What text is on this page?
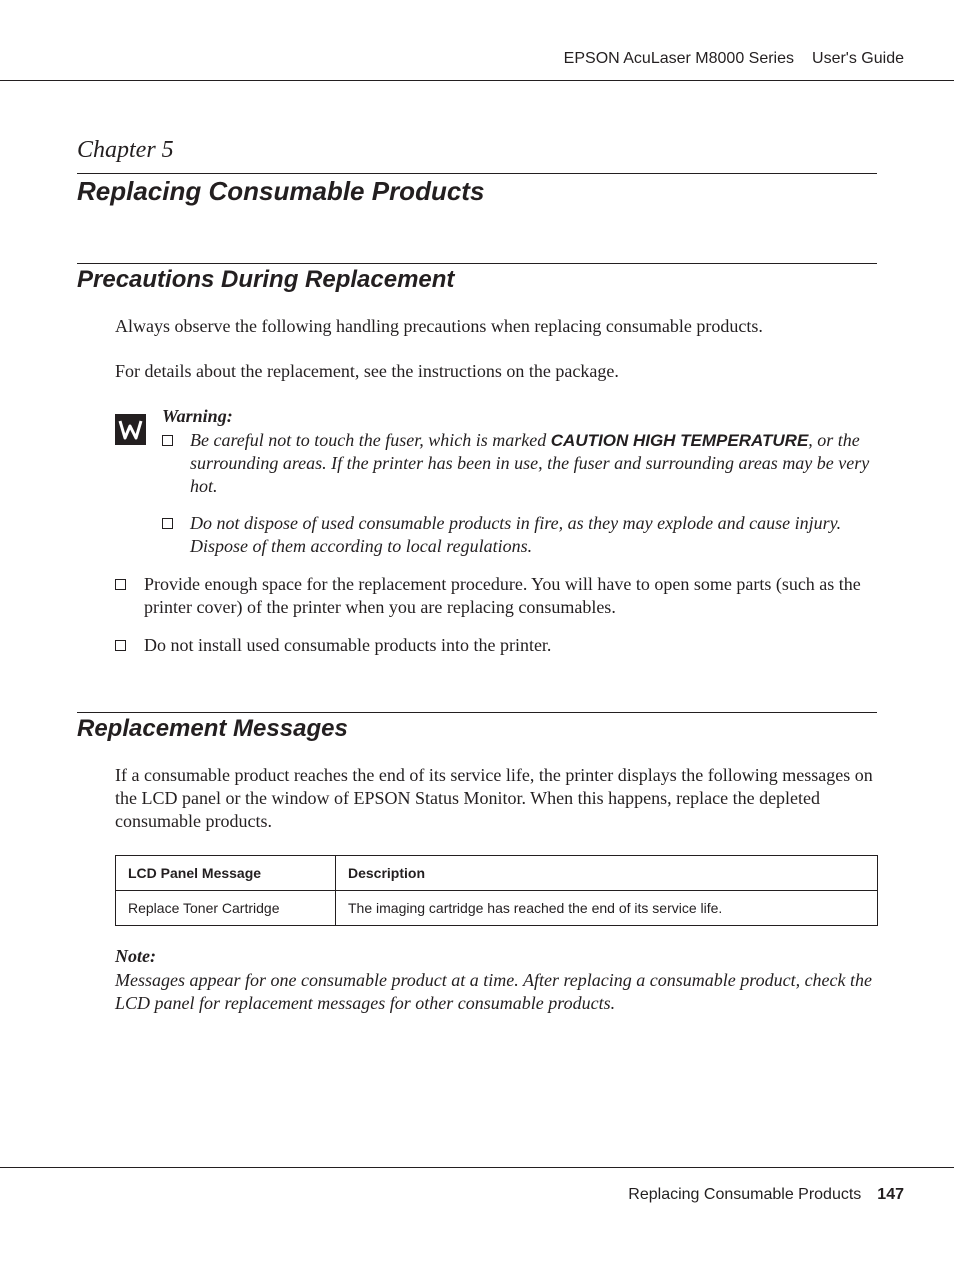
EPSON AcuLaser M8000 Series User's Guide
Chapter 5
Replacing Consumable Products
Precautions During Replacement
Always observe the following handling precautions when replacing consumable products.
For details about the replacement, see the instructions on the package.
Warning:
Be careful not to touch the fuser, which is marked CAUTION HIGH TEMPERATURE, or the surrounding areas. If the printer has been in use, the fuser and surrounding areas may be very hot.
Do not dispose of used consumable products in fire, as they may explode and cause injury. Dispose of them according to local regulations.
Provide enough space for the replacement procedure. You will have to open some parts (such as the printer cover) of the printer when you are replacing consumables.
Do not install used consumable products into the printer.
Replacement Messages
If a consumable product reaches the end of its service life, the printer displays the following messages on the LCD panel or the window of EPSON Status Monitor. When this happens, replace the depleted consumable products.
LCD Panel Message	Description
Replace Toner Cartridge	The imaging cartridge has reached the end of its service life.
Note:
Messages appear for one consumable product at a time. After replacing a consumable product, check the LCD panel for replacement messages for other consumable products.
Replacing Consumable Products 147
